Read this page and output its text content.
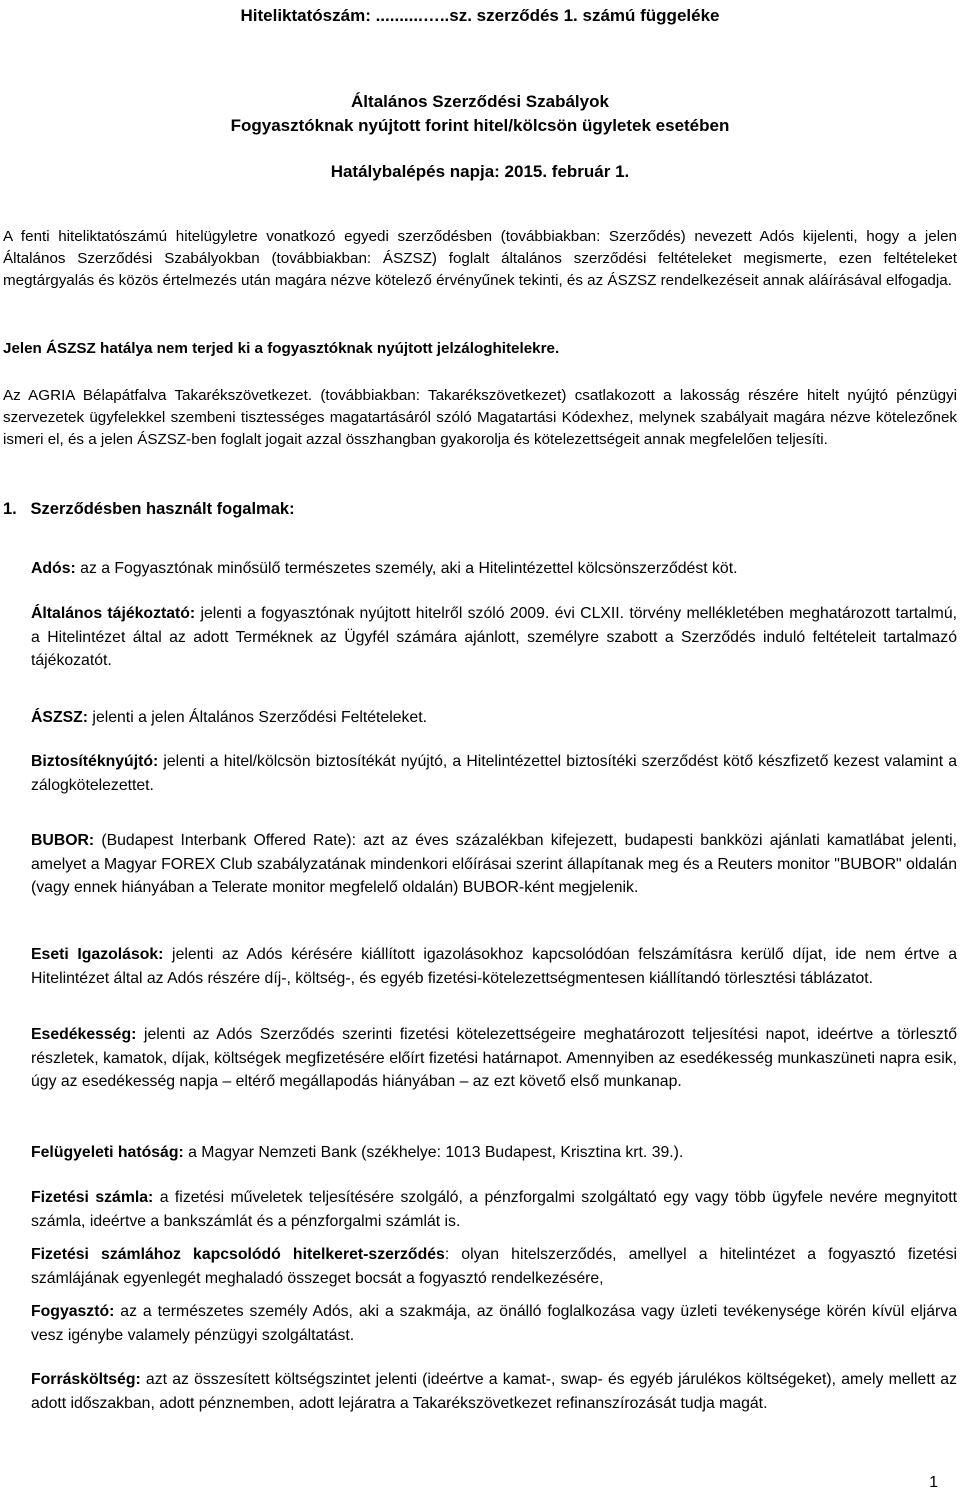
Hiteliktatószám: ..........…..sz. szerződés 1. számú függeléke
Általános Szerződési Szabályok
Fogyasztóknak nyújtott forint hitel/kölcsön ügyletek esetében
Hatálybalépés napja: 2015. február 1.

A fenti hiteliktatószámú hitelügyletre vonatkozó egyedi szerződésben (továbbiakban: Szerződés) nevezett Adós kijelenti, hogy a jelen Általános Szerződési Szabályokban (továbbiakban: ÁSZSZ) foglalt általános szerződési feltételeket megismerte, ezen feltételeket megtárgyalás és közös értelmezés után magára nézve kötelező érvényűnek tekinti, és az ÁSZSZ rendelkezéseit annak aláírásával elfogadja.

Jelen ÁSZSZ hatálya nem terjed ki a fogyasztóknak nyújtott jelzáloghitelekre.

Az AGRIA Bélapátfalva Takarékszövetkezet. (továbbiakban: Takarékszövetkezet) csatlakozott a lakosság részére hitelt nyújtó pénzügyi szervezetek ügyfelekkel szembeni tisztességes magatartásáról szóló Magatartási Kódexhez, melynek szabályait magára nézve kötelezőnek ismeri el, és a jelen ÁSZSZ-ben foglalt jogait azzal összhangban gyakorolja és kötelezettségeit annak megfelelően teljesíti.

1.   Szerződésben használt fogalmak:

Adós: az a Fogyasztónak minősülő természetes személy, aki a Hitelintézettel kölcsönszerződést köt.

Általános tájékoztató: jelenti a fogyasztónak nyújtott hitelről szóló 2009. évi CLXII. törvény mellékletében meghatározott tartalmú, a Hitelintézet által az adott Terméknek az Ügyfél számára ajánlott, személyre szabott a Szerződés induló feltételeit tartalmazó tájékozatót.

ÁSZSZ: jelenti a jelen Általános Szerződési Feltételeket.

Biztosítéknyújtó: jelenti a hitel/kölcsön biztosítékát nyújtó, a Hitelintézettel biztosítéki szerződést kötő készfizető kezest valamint a zálogkötelezettet.

BUBOR: (Budapest Interbank Offered Rate): azt az éves százalékban kifejezett, budapesti bankközi ajánlati kamatlábat jelenti, amelyet a Magyar FOREX Club szabályzatának mindenkori előírásai szerint állapítanak meg és a Reuters monitor "BUBOR" oldalán (vagy ennek hiányában a Telerate monitor megfelelő oldalán) BUBOR-ként megjelenik.

Eseti Igazolások: jelenti az Adós kérésére kiállított igazolásokhoz kapcsolódóan felszámításra kerülő díjat, ide nem értve a Hitelintézet által az Adós részére díj-, költség-, és egyéb fizetési-kötelezettségmentesen kiállítandó törlesztési táblázatot.

Esedékesség: jelenti az Adós Szerződés szerinti fizetési kötelezettségeire meghatározott teljesítési napot, ideértve a törlesztő részletek, kamatok, díjak, költségek megfizetésére előírt fizetési határnapot. Amennyiben az esedékesség munkaszüneti napra esik, úgy az esedékesség napja – eltérő megállapodás hiányában – az ezt követő első munkanap.

Felügyeleti hatóság: a Magyar Nemzeti Bank (székhelye: 1013 Budapest, Krisztina krt. 39.).

Fizetési számla: a fizetési műveletek teljesítésére szolgáló, a pénzforgalmi szolgáltató egy vagy több ügyfele nevére megnyitott számla, ideértve a bankszámlát és a pénzforgalmi számlát is.

Fizetési számlához kapcsolódó hitelkeret-szerződés: olyan hitelszerződés, amellyel a hitelintézet a fogyasztó fizetési számlájának egyenlegét meghaladó összeget bocsát a fogyasztó rendelkezésére,

Fogyasztó: az a természetes személy Adós, aki a szakmája, az önálló foglalkozása vagy üzleti tevékenysége körén kívül eljárva vesz igénybe valamely pénzügyi szolgáltatást.

Forrásköltség: azt az összesített költségszintet jelenti (ideértve a kamat-, swap- és egyéb járulékos költségeket), amely mellett az adott időszakban, adott pénznemben, adott lejáratra a Takarékszövetkezet refinanszírozását tudja magát.

1
